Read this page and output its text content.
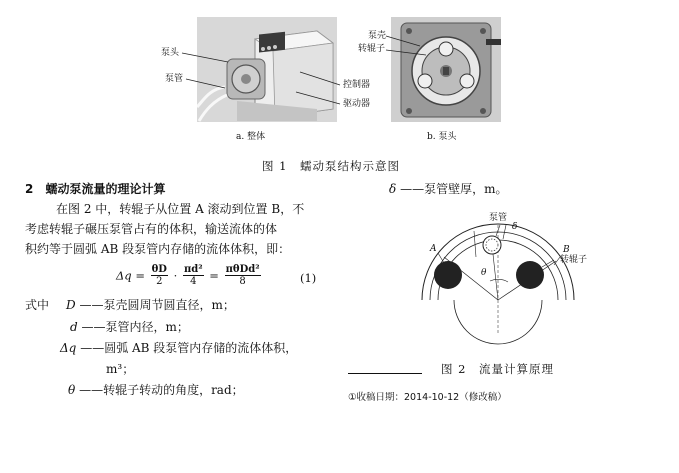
泵头
泵管
控制器
驱动器
泵壳
转辊子
a. 整体	b. 泵头
图 1　蠕动泵结构示意图
2 蠕动泵流量的理论计算
在图 2 中，转辊子从位置 A 滚动到位置 B，不
考虑转辊子碾压泵管占有的体积，输送流体的体
积约等于圆弧 AB 段泵管内存储的流体体积，即：
$\Delta q = \frac{\theta D}{2} \cdot \frac{\text{πd²}}{4} = \frac{\text{πθDd²}}{8}$	(1)
式中 D ——泵壳圆周节圆直径，m；
d ——泵管内径，m；
Δq ——圆弧 AB 段泵管内存储的流体体积，
m³；
θ ——转辊子转动的角度，rad；
δ ——泵管壁厚，m。
泵管
δ
A	B
θ
转辊子
图 2　流量计算原理
①收稿日期：2014-10-12（修改稿）
